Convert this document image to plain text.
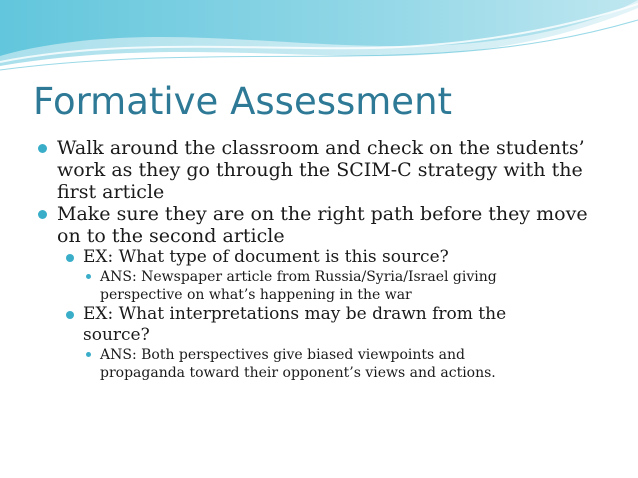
Formative Assessment
Walk around the classroom and check on the students’
work as they go through the SCIM-C strategy with the
first article
Make sure they are on the right path before they move
on to the second article
EX: What type of document is this source?
ANS: Newspaper article from Russia/Syria/Israel giving
perspective on what’s happening in the war
EX: What interpretations may be drawn from the
source?
ANS: Both perspectives give biased viewpoints and
propaganda toward their opponent’s views and actions.
